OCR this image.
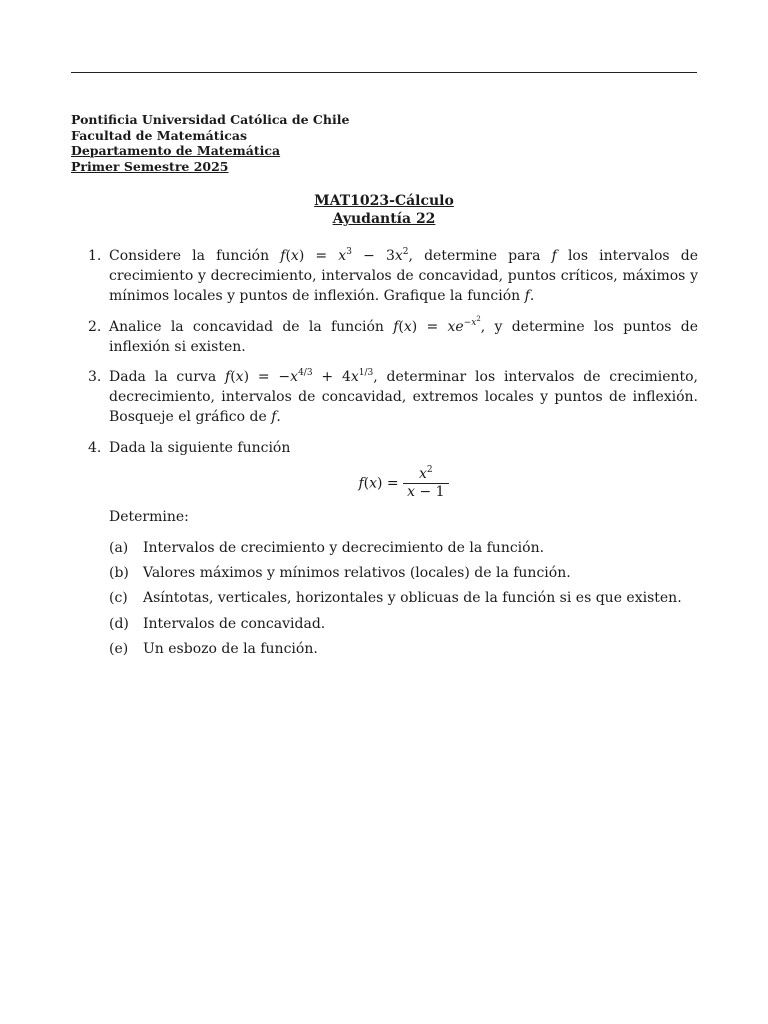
Pontificia Universidad Católica de Chile
Facultad de Matemáticas
Departamento de Matemática
Primer Semestre 2025
MAT1023-Cálculo
Ayudantía 22
1. Considere la función $f(x) = x^3 - 3x^2$, determine para f los intervalos de crecimiento y decrecimiento, intervalos de concavidad, puntos críticos, máximos y mínimos locales y puntos de inflexión. Grafique la función f.
2. Analice la concavidad de la función $f(x) = xe^{-x^2}$, y determine los puntos de inflexión si existen.
3. Dada la curva $f(x) = -x^{4/3} + 4x^{1/3}$, determinar los intervalos de crecimiento, decrecimiento, intervalos de concavidad, extremos locales y puntos de inflexión. Bosqueje el gráfico de f.
4. Dada la siguiente función
$f(x) = \frac{x^2}{x - 1}$
Determine:
(a)	Intervalos de crecimiento y decrecimiento de la función.
(b)	Valores máximos y mínimos relativos (locales) de la función.
(c)	Asíntotas, verticales, horizontales y oblicuas de la función si es que existen.
(d)	Intervalos de concavidad.
(e)	Un esbozo de la función.
